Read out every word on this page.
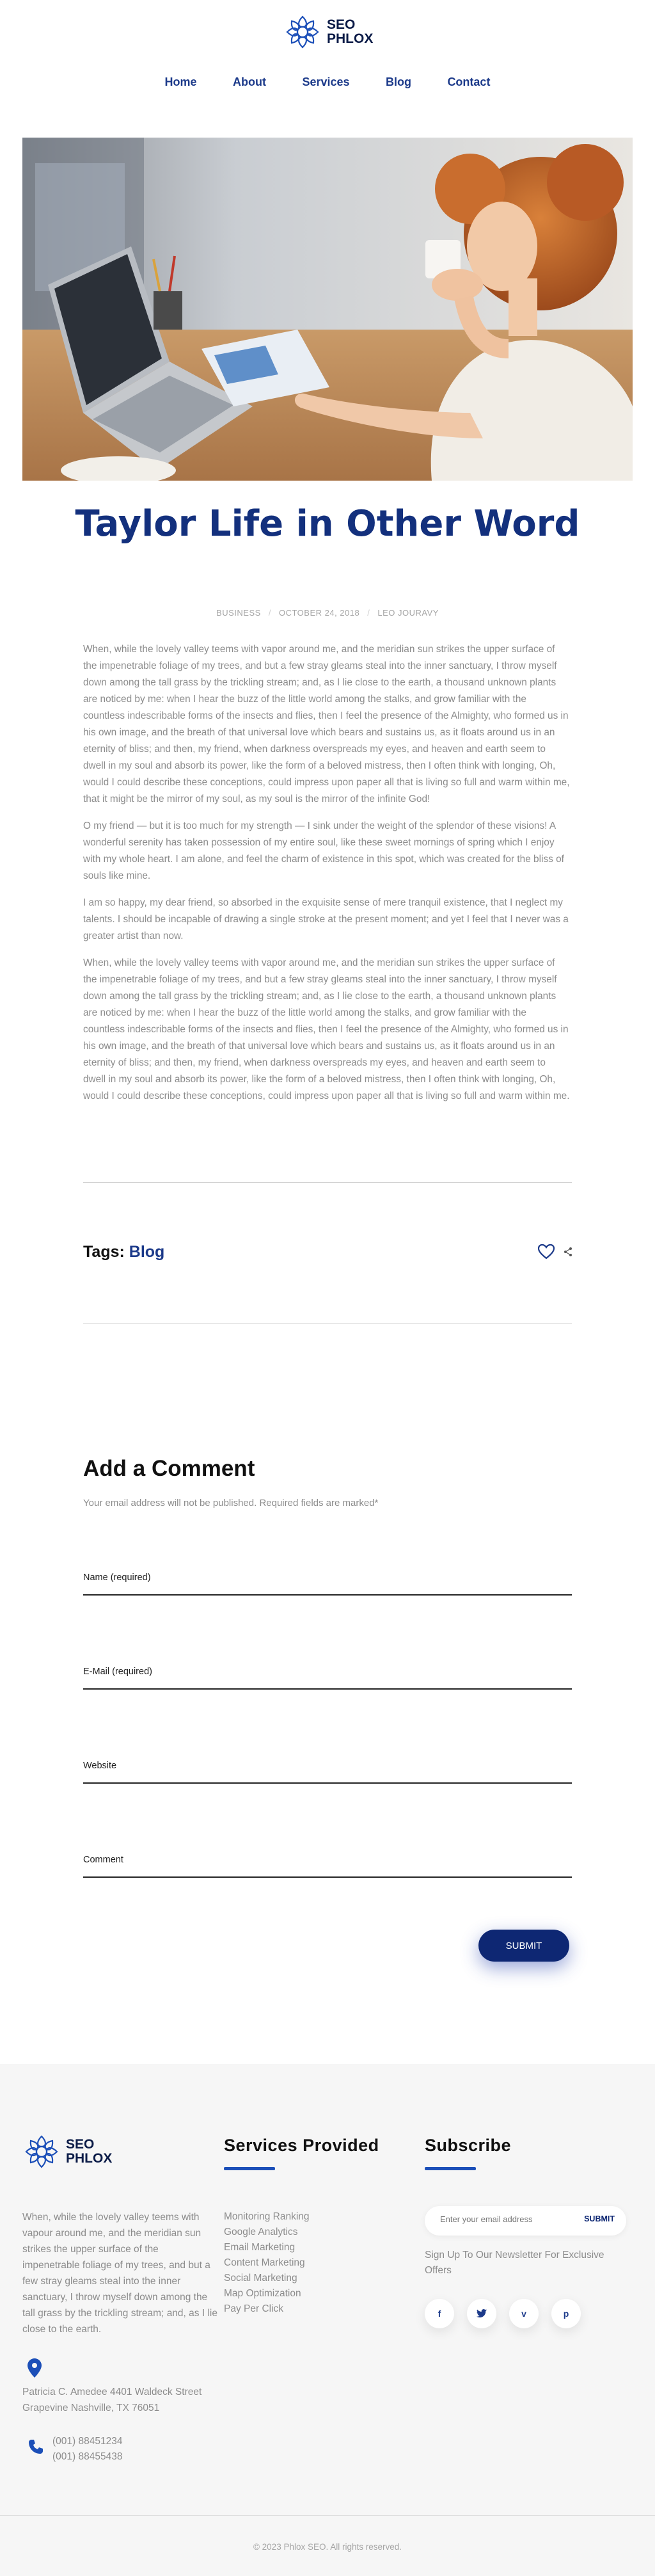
SEO
PHLOX
Home	About	Services	Blog	Contact
Taylor Life in Other Word
BUSINESS / OCTOBER 24, 2018 / LEO JOURAVY

When, while the lovely valley teems with vapor around me, and the meridian sun strikes the upper surface of the impenetrable foliage of my trees, and but a few stray gleams steal into the inner sanctuary, I throw myself down among the tall grass by the trickling stream; and, as I lie close to the earth, a thousand unknown plants are noticed by me: when I hear the buzz of the little world among the stalks, and grow familiar with the countless indescribable forms of the insects and flies, then I feel the presence of the Almighty, who formed us in his own image, and the breath of that universal love which bears and sustains us, as it floats around us in an eternity of bliss; and then, my friend, when darkness overspreads my eyes, and heaven and earth seem to dwell in my soul and absorb its power, like the form of a beloved mistress, then I often think with longing, Oh, would I could describe these conceptions, could impress upon paper all that is living so full and warm within me, that it might be the mirror of my soul, as my soul is the mirror of the infinite God!

O my friend — but it is too much for my strength — I sink under the weight of the splendor of these visions! A wonderful serenity has taken possession of my entire soul, like these sweet mornings of spring which I enjoy with my whole heart. I am alone, and feel the charm of existence in this spot, which was created for the bliss of souls like mine.

I am so happy, my dear friend, so absorbed in the exquisite sense of mere tranquil existence, that I neglect my talents. I should be incapable of drawing a single stroke at the present moment; and yet I feel that I never was a greater artist than now.

When, while the lovely valley teems with vapor around me, and the meridian sun strikes the upper surface of the impenetrable foliage of my trees, and but a few stray gleams steal into the inner sanctuary, I throw myself down among the tall grass by the trickling stream; and, as I lie close to the earth, a thousand unknown plants are noticed by me: when I hear the buzz of the little world among the stalks, and grow familiar with the countless indescribable forms of the insects and flies, then I feel the presence of the Almighty, who formed us in his own image, and the breath of that universal love which bears and sustains us, as it floats around us in an eternity of bliss; and then, my friend, when darkness overspreads my eyes, and heaven and earth seem to dwell in my soul and absorb its power, like the form of a beloved mistress, then I often think with longing, Oh, would I could describe these conceptions, could impress upon paper all that is living so full and warm within me.

Tags: Blog
Add a Comment
Your email address will not be published. Required fields are marked*
Name (required)
E-Mail (required)
Website
Comment
SUBMIT
SEO
PHLOX

When, while the lovely valley teems with vapour around me, and the meridian sun strikes the upper surface of the impenetrable foliage of my trees, and but a few stray gleams steal into the inner sanctuary, I throw myself down among the tall grass by the trickling stream; and, as I lie close to the earth.

Patricia C. Amedee 4401 Waldeck Street
Grapevine Nashville, TX 76051
(001) 88451234
(001) 88455438
Services Provided
Monitoring Ranking
Google Analytics
Email Marketing
Content Marketing
Social Marketing
Map Optimization
Pay Per Click
Subscribe
Enter your email address
SUBMIT

Sign Up To Our Newsletter For Exclusive Offers

f	v	p
© 2023 Phlox SEO. All rights reserved.
